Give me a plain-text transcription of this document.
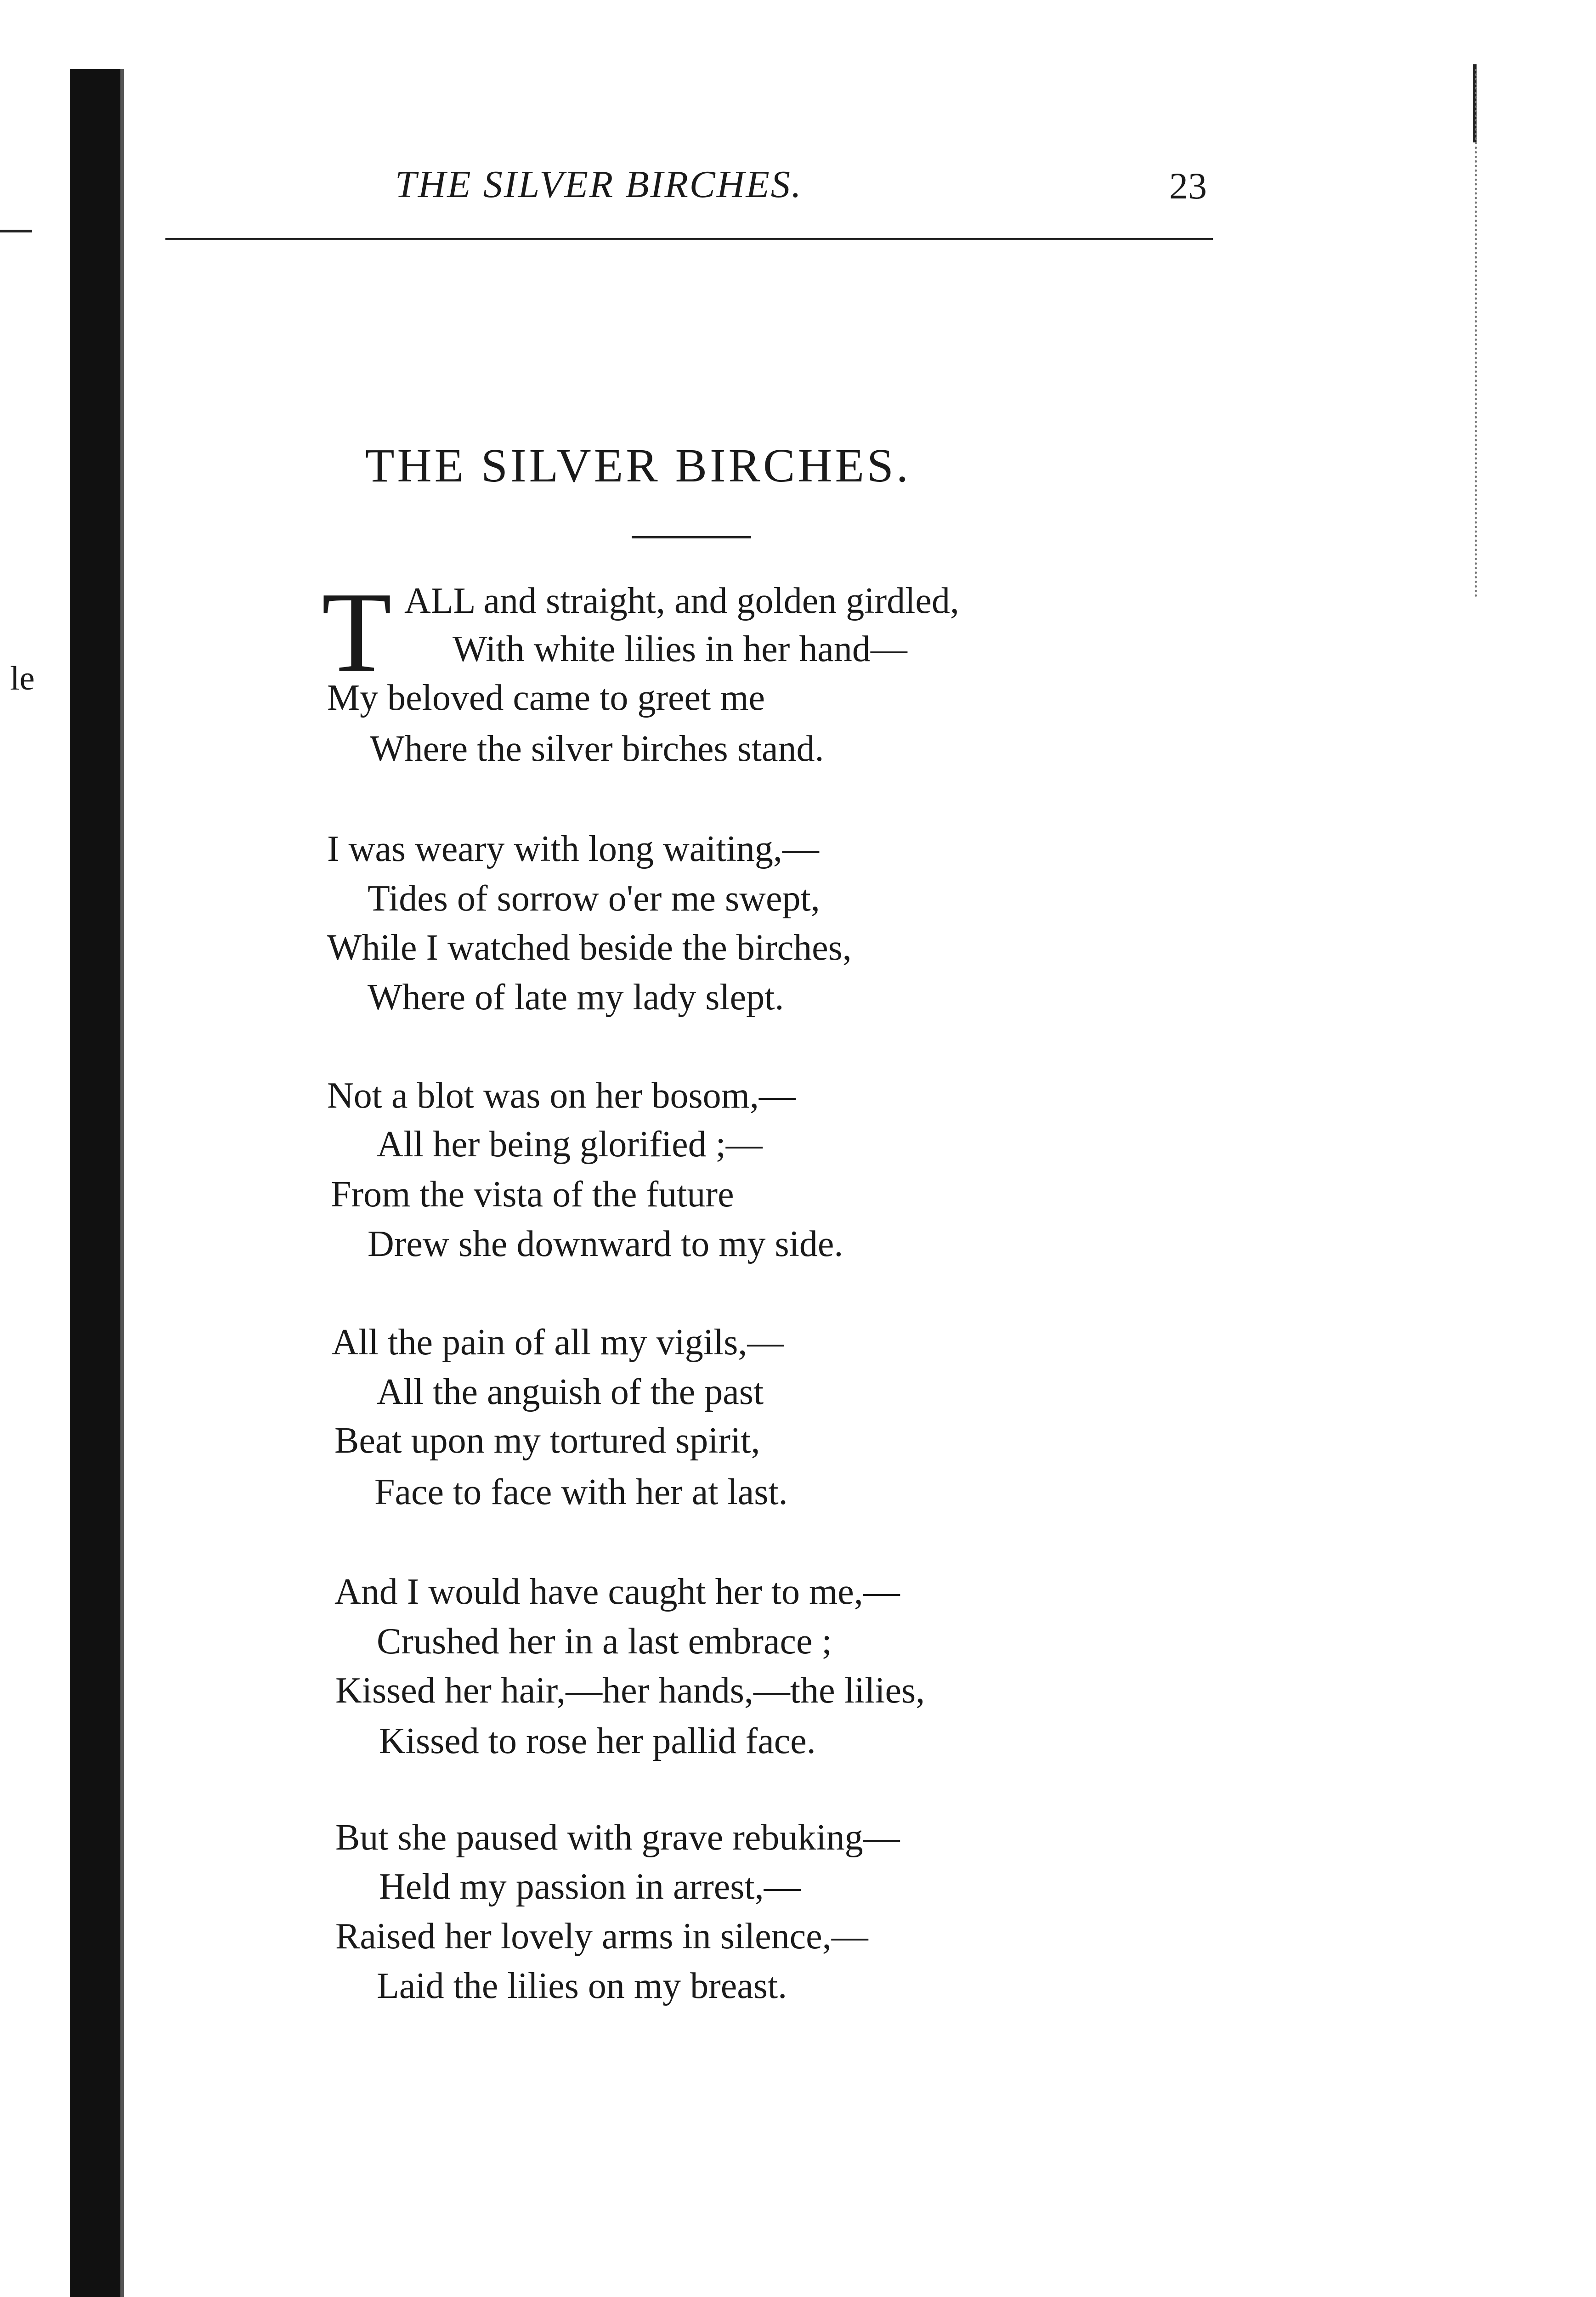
le
THE SILVER BIRCHES.	23
THE SILVER BIRCHES.
T ALL and straight, and golden girdled,
With white lilies in her hand—
My beloved came to greet me
Where the silver birches stand.
I was weary with long waiting,—
Tides of sorrow o'er me swept,
While I watched beside the birches,
Where of late my lady slept.
Not a blot was on her bosom,—
All her being glorified ;—
From the vista of the future
Drew she downward to my side.
All the pain of all my vigils,—
All the anguish of the past
Beat upon my tortured spirit,
Face to face with her at last.
And I would have caught her to me,—
Crushed her in a last embrace ;
Kissed her hair,—her hands,—the lilies,
Kissed to rose her pallid face.
But she paused with grave rebuking—
Held my passion in arrest,—
Raised her lovely arms in silence,—
Laid the lilies on my breast.
